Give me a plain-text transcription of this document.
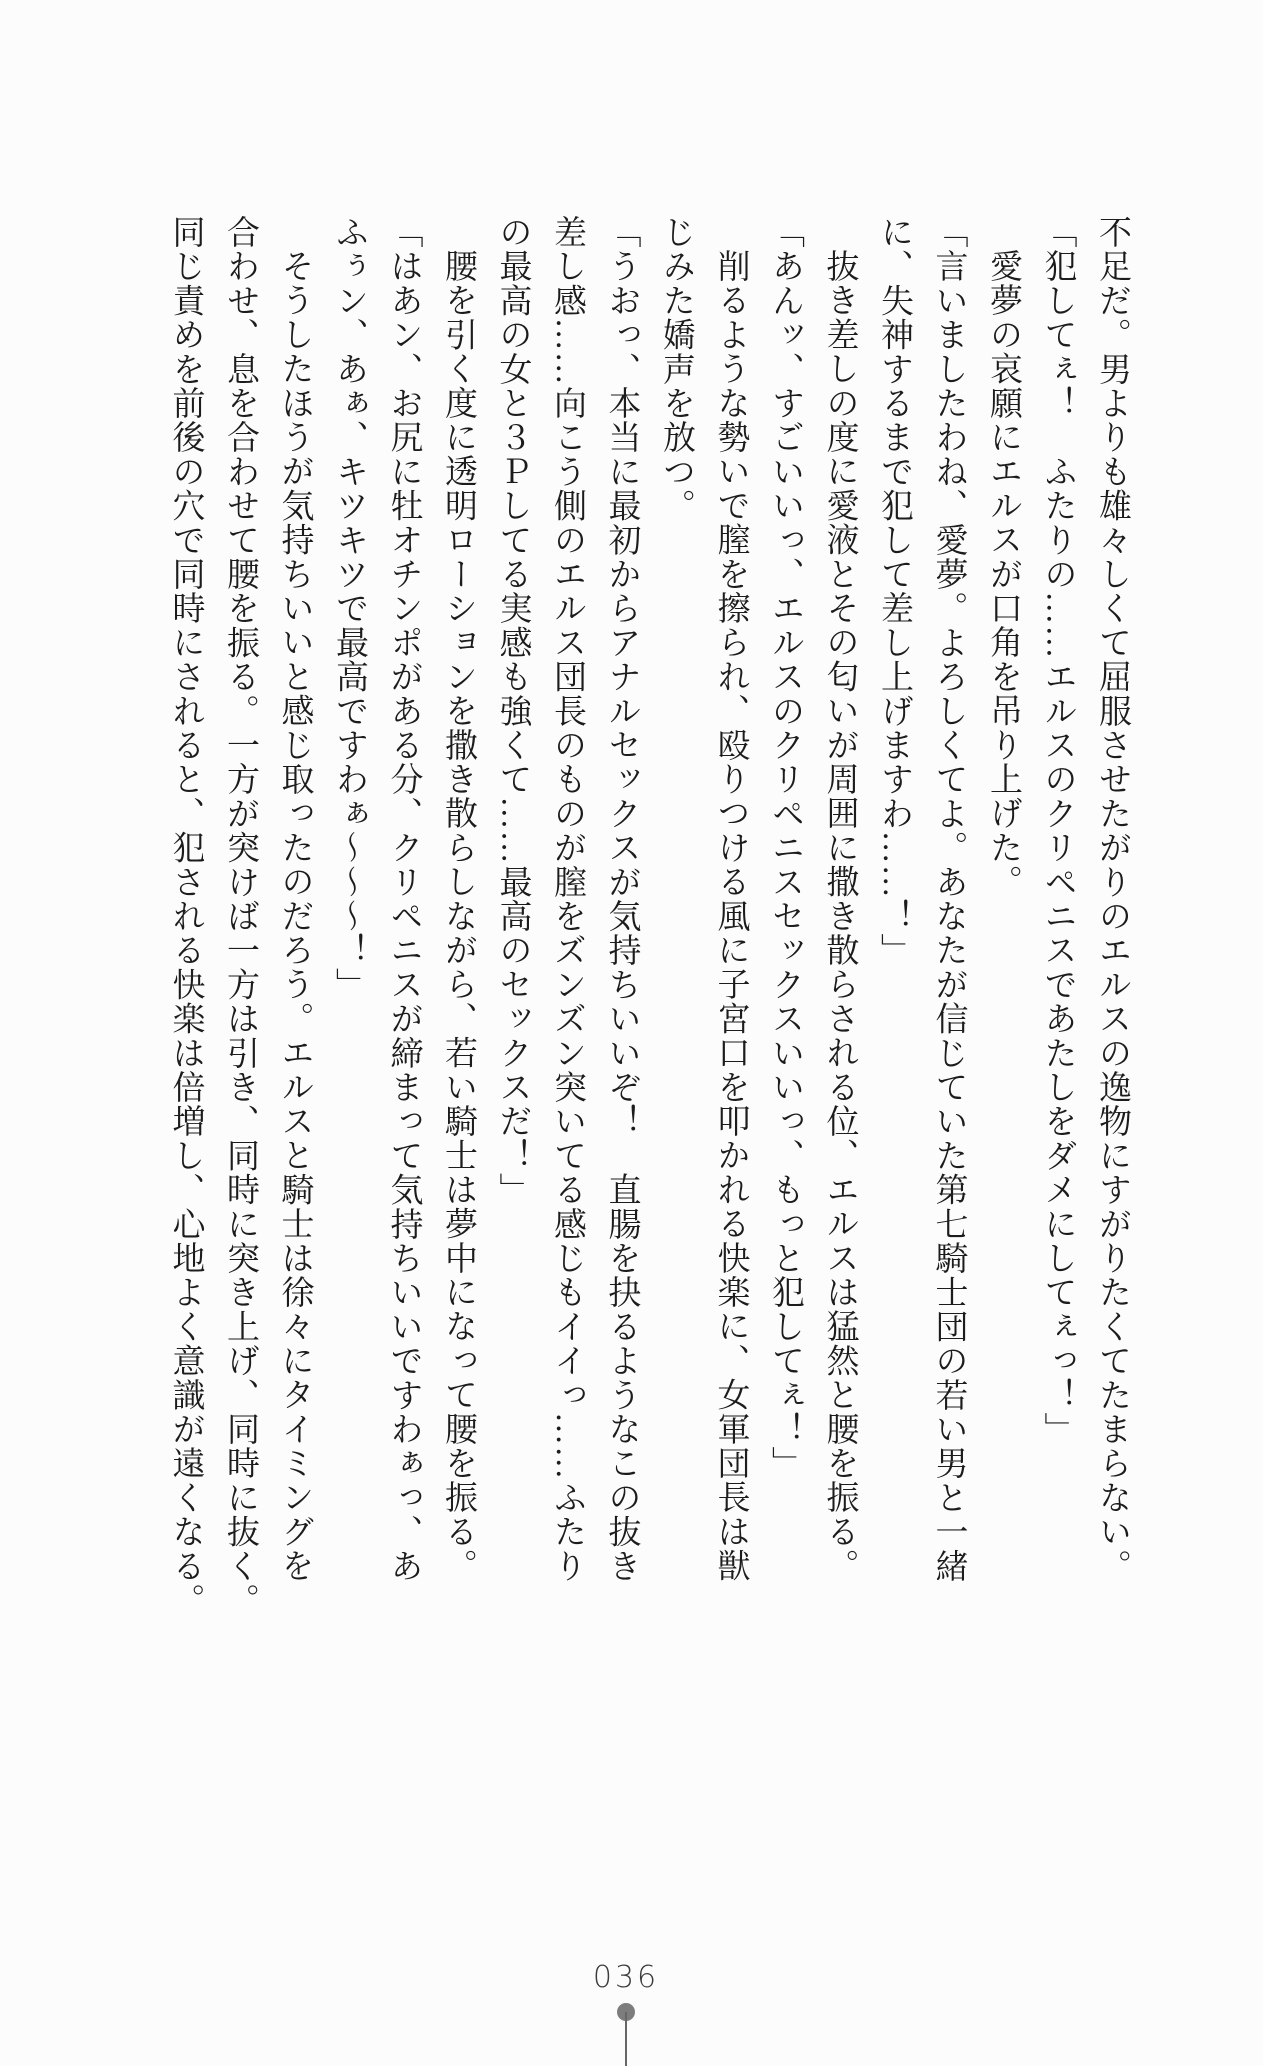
不足だ。男よりも雄々しくて屈服させたがりのエルスの逸物にすがりたくてたまらない。
「犯してぇ！　ふたりの……エルスのクリペニスであたしをダメにしてぇっ！」
愛夢の哀願にエルスが口角を吊り上げた。
「言いましたわね、愛夢。よろしくてよ。あなたが信じていた第七騎士団の若い男と一緒
に、失神するまで犯して差し上げますわ……！」
抜き差しの度に愛液とその匂いが周囲に撒き散らされる位、エルスは猛然と腰を振る。
「あんッ、すごいいっ、エルスのクリペニスセックスいいっ、もっと犯してぇ！」
削るような勢いで膣を擦られ、殴りつける風に子宮口を叩かれる快楽に、女軍団長は獣
じみた嬌声を放つ。
「うおっ、本当に最初からアナルセックスが気持ちいいぞ！　直腸を抉るようなこの抜き
差し感……向こう側のエルス団長のものが膣をズンズン突いてる感じもイイっ……ふたり
の最高の女と３Ｐしてる実感も強くて……最高のセックスだ！」
腰を引く度に透明ローションを撒き散らしながら、若い騎士は夢中になって腰を振る。
「はあン、お尻に牡オチンポがある分、クリペニスが締まって気持ちいいですわぁっ、あ
ふぅン、あぁ、キツキツで最高ですわぁ～～～！」
そうしたほうが気持ちいいと感じ取ったのだろう。エルスと騎士は徐々にタイミングを
合わせ、息を合わせて腰を振る。一方が突けば一方は引き、同時に突き上げ、同時に抜く。
同じ責めを前後の穴で同時にされると、犯される快楽は倍増し、心地よく意識が遠くなる。
036
